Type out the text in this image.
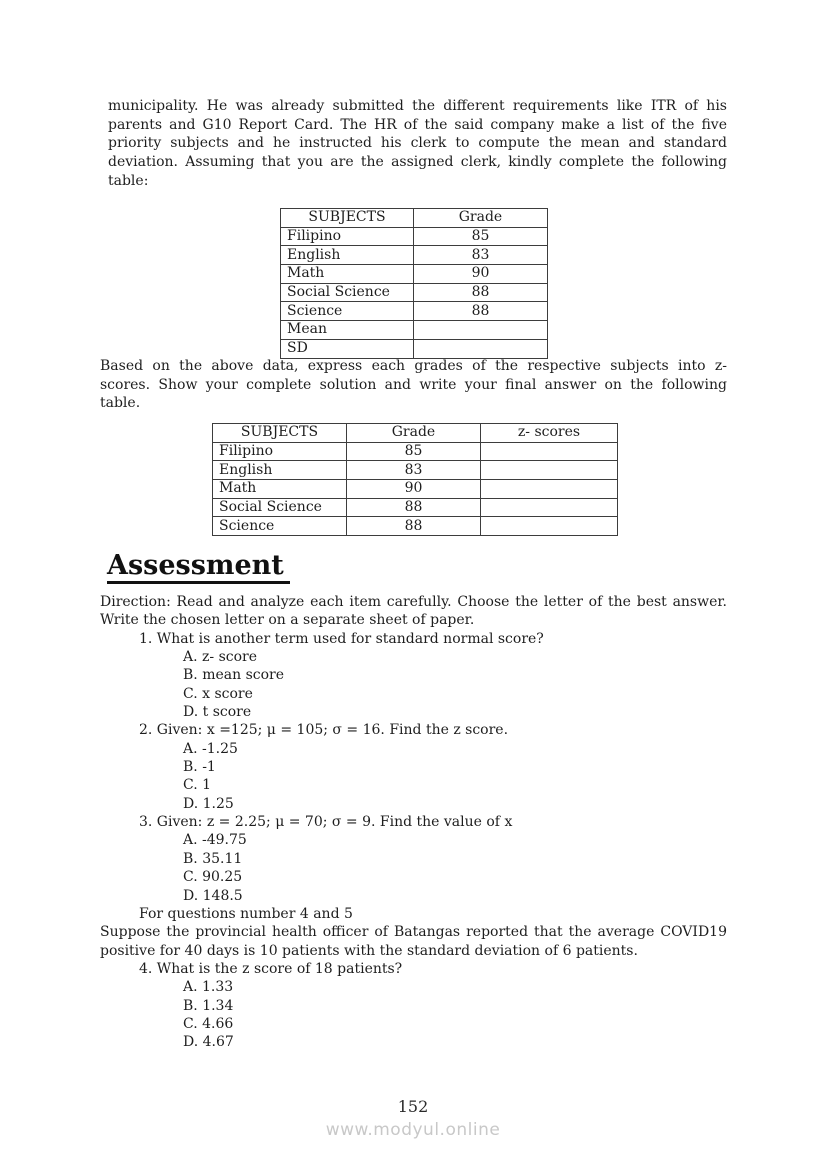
municipality. He was already submitted the different requirements like ITR of his
parents and G10 Report Card. The HR of the said company make a list of the five
priority subjects and he instructed his clerk to compute the mean and standard
deviation. Assuming that you are the assigned clerk, kindly complete the following
table:
SUBJECTS	Grade
Filipino	85
English	83
Math	90
Social Science	88
Science	88
Mean	
SD	
Based on the above data, express each grades of the respective subjects into z-
scores. Show your complete solution and write your final answer on the following
table.
SUBJECTS	Grade	z- scores
Filipino	85	
English	83	
Math	90	
Social Science	88	
Science	88	
Assessment
Direction: Read and analyze each item carefully. Choose the letter of the best answer.
Write the chosen letter on a separate sheet of paper.
1. What is another term used for standard normal score?
A. z- score
B. mean score
C. x score
D. t score
2. Given: x =125; μ = 105; σ = 16. Find the z score.
A. -1.25
B. -1
C. 1
D. 1.25
3. Given: z = 2.25; μ = 70; σ = 9. Find the value of x
A. -49.75
B. 35.11
C. 90.25
D. 148.5
For questions number 4 and 5
Suppose the provincial health officer of Batangas reported that the average COVID19
positive for 40 days is 10 patients with the standard deviation of 6 patients.
4. What is the z score of 18 patients?
A. 1.33
B. 1.34
C. 4.66
D. 4.67
152
www.modyul.online
